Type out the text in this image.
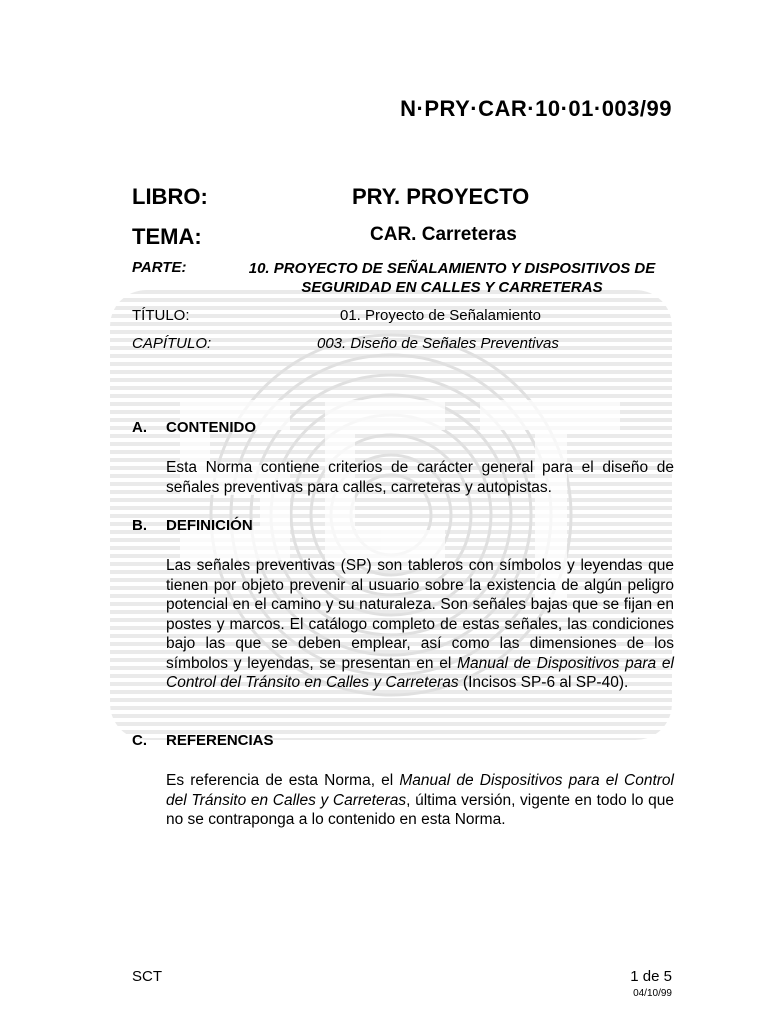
N·PRY·CAR·10·01·003/99
LIBRO:	PRY. PROYECTO
TEMA:	CAR. Carreteras
PARTE:	10. PROYECTO DE SEÑALAMIENTO Y DISPOSITIVOS DE
SEGURIDAD EN CALLES Y CARRETERAS
TÍTULO:	01. Proyecto de Señalamiento
CAPÍTULO:	003. Diseño de Señales Preventivas
A. CONTENIDO
Esta Norma contiene criterios de carácter general para el diseño de señales preventivas para calles, carreteras y autopistas.
B. DEFINICIÓN
Las señales preventivas (SP) son tableros con símbolos y leyendas que tienen por objeto prevenir al usuario sobre la existencia de algún peligro potencial en el camino y su naturaleza. Son señales bajas que se fijan en postes y marcos. El catálogo completo de estas señales, las condiciones bajo las que se deben emplear, así como las dimensiones de los símbolos y leyendas, se presentan en el Manual de Dispositivos para el Control del Tránsito en Calles y Carreteras (Incisos SP-6 al SP-40).
C. REFERENCIAS
Es referencia de esta Norma, el Manual de Dispositivos para el Control del Tránsito en Calles y Carreteras, última versión, vigente en todo lo que no se contraponga a lo contenido en esta Norma.
SCT	1 de 5
04/10/99
